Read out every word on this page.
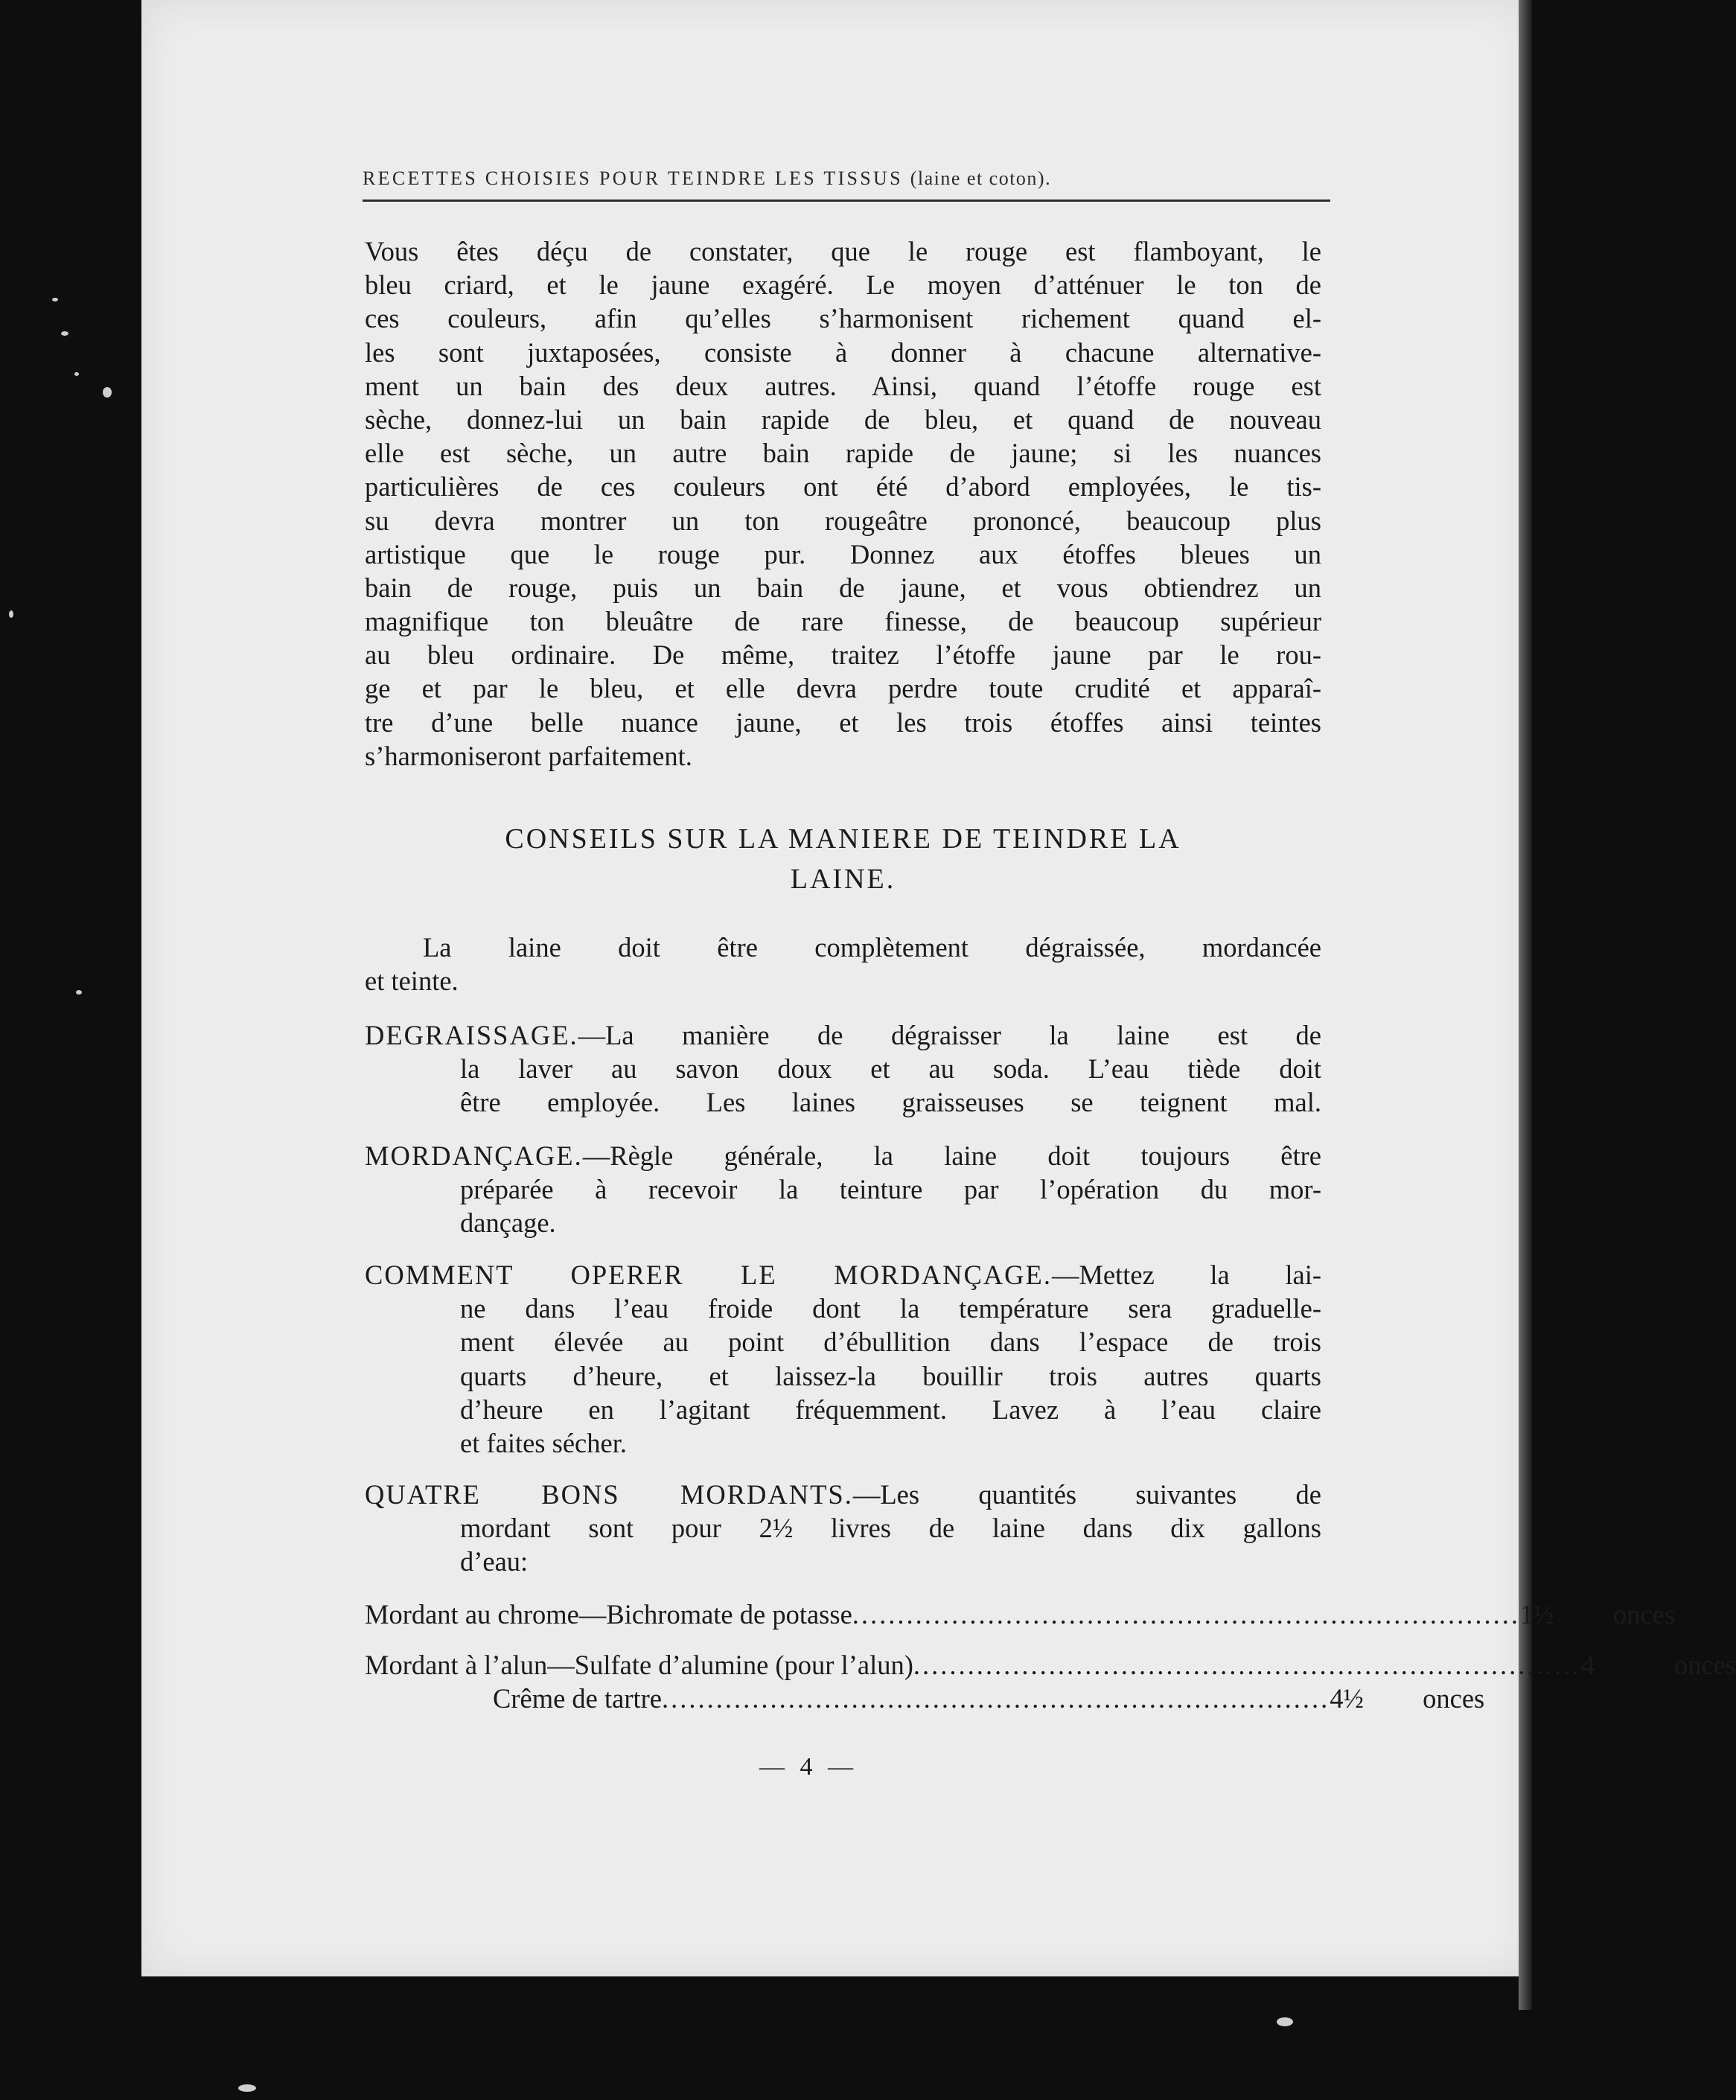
RECETTES CHOISIES POUR TEINDRE LES TISSUS (laine et coton).
Vous êtes déçu de constater, que le rouge est flamboyant, le
bleu criard, et le jaune exagéré. Le moyen d’atténuer le ton de
ces couleurs, afin qu’elles s’harmonisent richement quand el-
les sont juxtaposées, consiste à donner à chacune alternative-
ment un bain des deux autres. Ainsi, quand l’étoffe rouge est
sèche, donnez-lui un bain rapide de bleu, et quand de nouveau
elle est sèche, un autre bain rapide de jaune; si les nuances
particulières de ces couleurs ont été d’abord employées, le tis-
su devra montrer un ton rougeâtre prononcé, beaucoup plus
artistique que le rouge pur. Donnez aux étoffes bleues un
bain de rouge, puis un bain de jaune, et vous obtiendrez un
magnifique ton bleuâtre de rare finesse, de beaucoup supérieur
au bleu ordinaire. De même, traitez l’étoffe jaune par le rou-
ge et par le bleu, et elle devra perdre toute crudité et apparaî-
tre d’une belle nuance jaune, et les trois étoffes ainsi teintes
s’harmoniseront parfaitement.
CONSEILS SUR LA MANIERE DE TEINDRE LA
LAINE.
La laine doit être complètement dégraissée, mordancée
et teinte.
DEGRAISSAGE.—La manière de dégraisser la laine est de
la laver au savon doux et au soda. L’eau tiède doit
être employée. Les laines graisseuses se teignent mal.
MORDANÇAGE.—Règle générale, la laine doit toujours être
préparée à recevoir la teinture par l’opération du mor-
dançage.
COMMENT OPERER LE MORDANÇAGE.—Mettez la lai-
ne dans l’eau froide dont la température sera graduelle-
ment élevée au point d’ébullition dans l’espace de trois
quarts d’heure, et laissez-la bouillir trois autres quarts
d’heure en l’agitant fréquemment. Lavez à l’eau claire
et faites sécher.
QUATRE BONS MORDANTS.—Les quantités suivantes de
mordant sont pour 2½ livres de laine dans dix gallons
d’eau:
Mordant au chrome—Bichromate de potasse .......................................................................... 1½	onces
Mordant à l’alun—Sulfate d’alumine (pour l’alun) .......................................................................... 4	onces
Crême de tartre .......................................................................... 4½	onces
— 4 —
